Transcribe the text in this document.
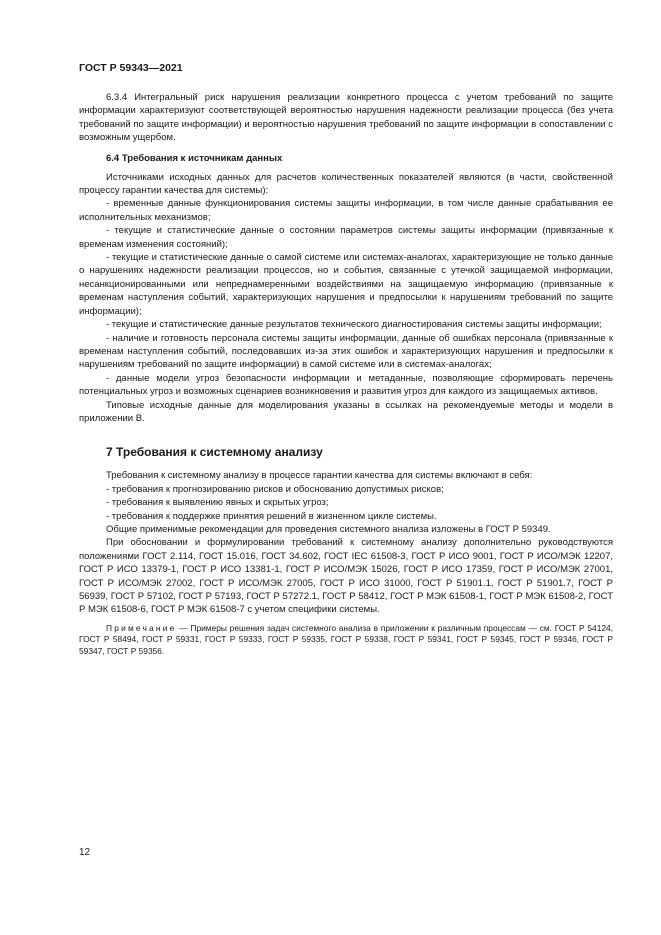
ГОСТ Р 59343—2021

6.3.4 Интегральный риск нарушения реализации конкретного процесса с учетом требований по защите информации характеризуют соответствующей вероятностью нарушения надежности реализации процесса (без учета требований по защите информации) и вероятностью нарушения требований по защите информации в сопоставлении с возможным ущербом.

6.4 Требования к источникам данных

Источниками исходных данных для расчетов количественных показателей являются (в части, свойственной процессу гарантии качества для системы):

- временные данные функционирования системы защиты информации, в том числе данные срабатывания ее исполнительных механизмов;

- текущие и статистические данные о состоянии параметров системы защиты информации (привязанные к временам изменения состояний);

- текущие и статистические данные о самой системе или системах-аналогах, характеризующие не только данные о нарушениях надежности реализации процессов, но и события, связанные с утечкой защищаемой информации, несанкционированными или непреднамеренными воздействиями на защищаемую информацию (привязанные к временам наступления событий, характеризующих нарушения и предпосылки к нарушениям требований по защите информации);

- текущие и статистические данные результатов технического диагностирования системы защиты информации;

- наличие и готовность персонала системы защиты информации, данные об ошибках персонала (привязанные к временам наступления событий, последовавших из-за этих ошибок и характеризующих нарушения и предпосылки к нарушениям требований по защите информации) в самой системе или в системах-аналогах;

- данные модели угроз безопасности информации и метаданные, позволяющие сформировать перечень потенциальных угроз и возможных сценариев возникновения и развития угроз для каждого из защищаемых активов.

Типовые исходные данные для моделирования указаны в ссылках на рекомендуемые методы и модели в приложении В.

7 Требования к системному анализу

Требования к системному анализу в процессе гарантии качества для системы включают в себя:

- требования к прогнозированию рисков и обоснованию допустимых рисков;

- требования к выявлению явных и скрытых угроз;

- требования к поддержке принятия решений в жизненном цикле системы.

Общие применимые рекомендации для проведения системного анализа изложены в ГОСТ Р 59349.

При обосновании и формулировании требований к системному анализу дополнительно руководствуются положениями ГОСТ 2.114, ГОСТ 15.016, ГОСТ 34.602, ГОСТ IEC 61508-3, ГОСТ Р ИСО 9001, ГОСТ Р ИСО/МЭК 12207, ГОСТ Р ИСО 13379-1, ГОСТ Р ИСО 13381-1, ГОСТ Р ИСО/МЭК 15026, ГОСТ Р ИСО 17359, ГОСТ Р ИСО/МЭК 27001, ГОСТ Р ИСО/МЭК 27002, ГОСТ Р ИСО/МЭК 27005, ГОСТ Р ИСО 31000, ГОСТ Р 51901.1, ГОСТ Р 51901.7, ГОСТ Р 56939, ГОСТ Р 57102, ГОСТ Р 57193, ГОСТ Р 57272.1, ГОСТ Р 58412, ГОСТ Р МЭК 61508-1, ГОСТ Р МЭК 61508-2, ГОСТ Р МЭК 61508-6, ГОСТ Р МЭК 61508-7 с учетом специфики системы.

Примечание — Примеры решения задач системного анализа в приложении к различным процессам — см. ГОСТ Р 54124, ГОСТ Р 58494, ГОСТ Р 59331, ГОСТ Р 59333, ГОСТ Р 59335, ГОСТ Р 59338, ГОСТ Р 59341, ГОСТ Р 59345, ГОСТ Р 59346, ГОСТ Р 59347, ГОСТ Р 59356.

12
